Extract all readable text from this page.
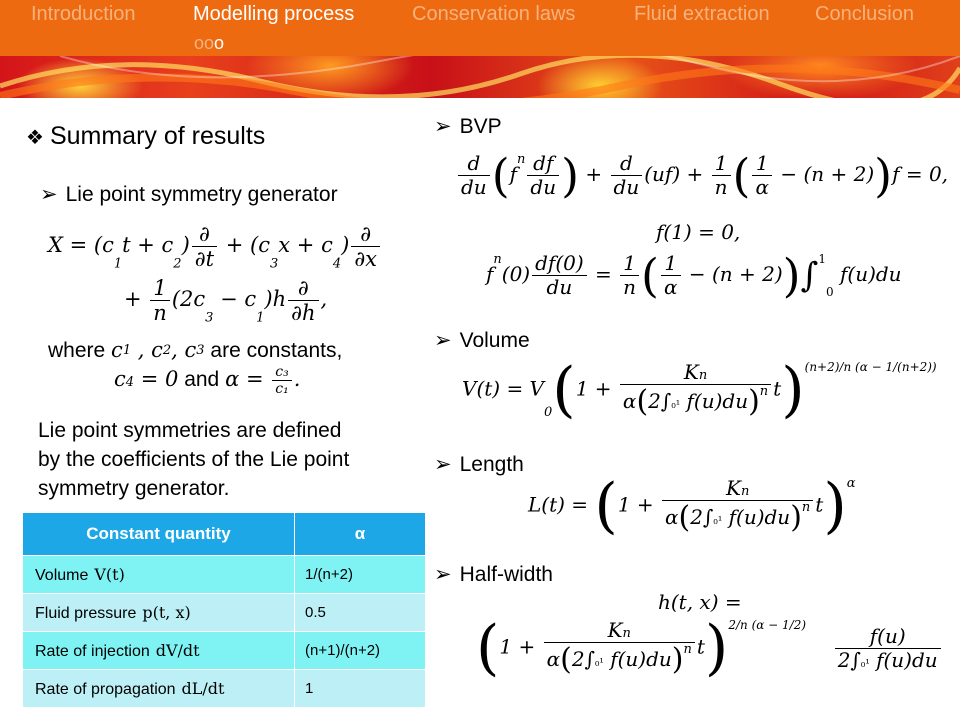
Introduction	Modelling process	Conservation laws	Fluid extraction Conclusion
ooo
❖ Summary of results
➢ Lie point symmetry generator
$X = (c1t + c2) \frac{\partial}{\partial t} + (c3x + c4) \frac{\partial}{\partial x}$
+ $\frac{1}{n} (2c3 - c1)h \frac{\partial}{\partial h}$ ,
where c1 , c2, c3 are constants,
c4 = 0 and $\alpha = \frac{\text{c₃}}{\text{c₁}}$ .
Lie point symmetries are defined
by the coefficients of the Lie point
symmetry generator.
Constant quantity	α
Volume V(t)	1/(n+2)
Fluid pressure p(t, x)	0.5
Rate of injection dV/dt	(n+1)/(n+2)
Rate of propagation dL/dt	1
➢ BVP
$\frac{d}{du} (f^n \frac{df}{du}$ ) + $\frac{d}{du} (uf) + \frac{1}{n}$ ( $\frac{1}{\alpha} - (n + 2))f = 0$,
f(1) = 0,
$f^n(0) \frac{df(0)}{du} = \frac{1}{n}$ ( $\frac{1}{\alpha} - (n + 2))\int^10$ f(u)du
➢ Volume
$V(t) = V0(1 + \frac{Kn}{\alpha(2\int_0^1 f(u)du)^n} t)^{(n+2)/n (\alpha - 1/(n+2))}$
➢ Length
$L(t) = (1 + \frac{Kn}{\alpha(2\int_0^1 f(u)du)^n} t)^\alpha$
➢ Half-width
h(t, x) =
$(1 + \frac{Kn}{\alpha(2\int_0^1 f(u)du)^n} t)^{2/n (\alpha - 1/2)} \frac{f(u)}{\text{2∫₀¹ f(u)du}}$
